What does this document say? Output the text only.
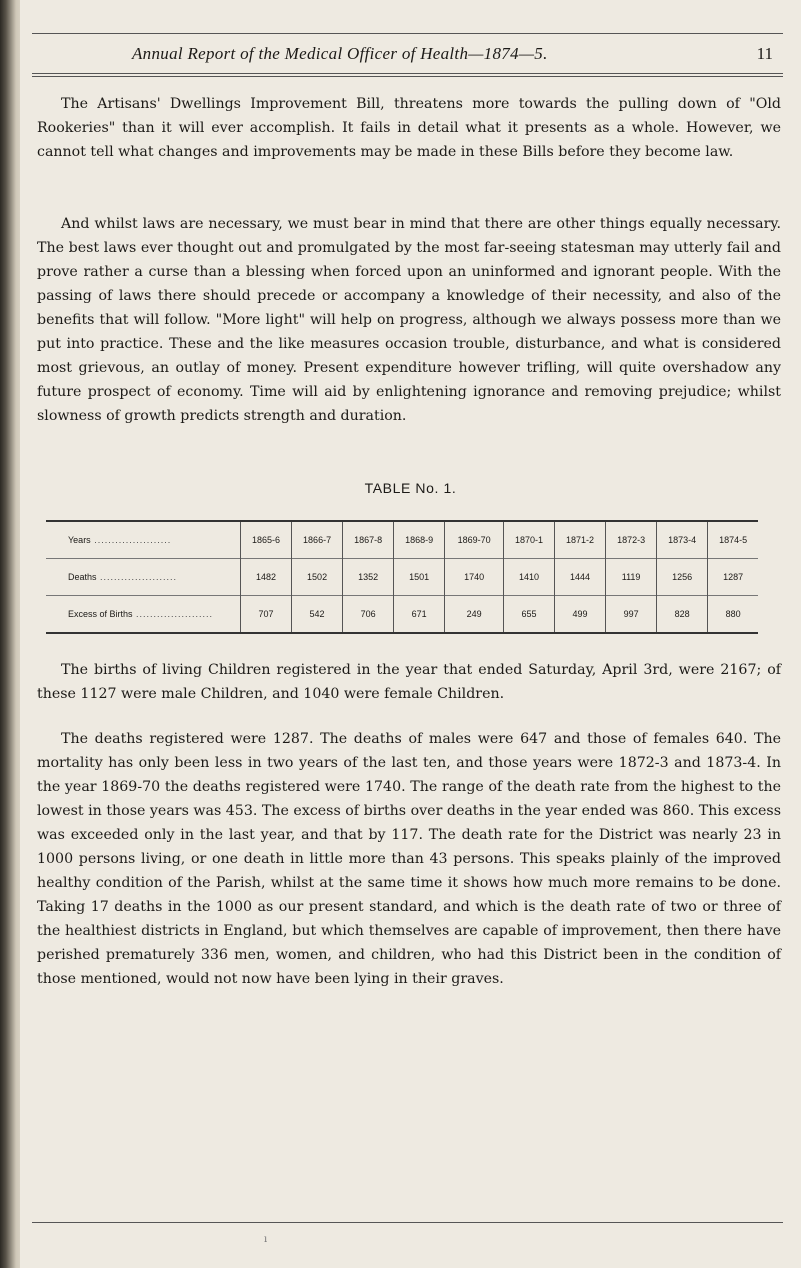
Annual Report of the Medical Officer of Health—1874—5.	11

The Artisans' Dwellings Improvement Bill, threatens more towards the pulling down of "Old Rookeries" than it will ever accomplish. It fails in detail what it presents as a whole. However, we cannot tell what changes and improvements may be made in these Bills before they become law.

And whilst laws are necessary, we must bear in mind that there are other things equally necessary. The best laws ever thought out and promulgated by the most far-seeing statesman may utterly fail and prove rather a curse than a blessing when forced upon an uninformed and ignorant people. With the passing of laws there should precede or accompany a knowledge of their necessity, and also of the benefits that will follow. "More light" will help on progress, although we always possess more than we put into practice. These and the like measures occasion trouble, disturbance, and what is considered most grievous, an outlay of money. Present expenditure however trifling, will quite overshadow any future prospect of economy. Time will aid by enlightening ignorance and removing prejudice; whilst slowness of growth predicts strength and duration.

TABLE No. 1.
Years .....	1865-6	1866-7	1867-8	1868-9	1869-70	1870-1	1871-2	1872-3	1873-4	1874-5
Deaths .....	1482	1502	1352	1501	1740	1410	1444	1119	1256	1287
Excess of Births .....	707	542	706	671	249	655	499	997	828	880

The births of living Children registered in the year that ended Saturday, April 3rd, were 2167; of these 1127 were male Children, and 1040 were female Children.

The deaths registered were 1287. The deaths of males were 647 and those of females 640. The mortality has only been less in two years of the last ten, and those years were 1872-3 and 1873-4. In the year 1869-70 the deaths registered were 1740. The range of the death rate from the highest to the lowest in those years was 453. The excess of births over deaths in the year ended was 860. This excess was exceeded only in the last year, and that by 117. The death rate for the District was nearly 23 in 1000 persons living, or one death in little more than 43 persons. This speaks plainly of the improved healthy condition of the Parish, whilst at the same time it shows how much more remains to be done. Taking 17 deaths in the 1000 as our present standard, and which is the death rate of two or three of the healthiest districts in England, but which themselves are capable of improvement, then there have perished prematurely 336 men, women, and children, who had this District been in the condition of those mentioned, would not now have been lying in their graves.

ı
